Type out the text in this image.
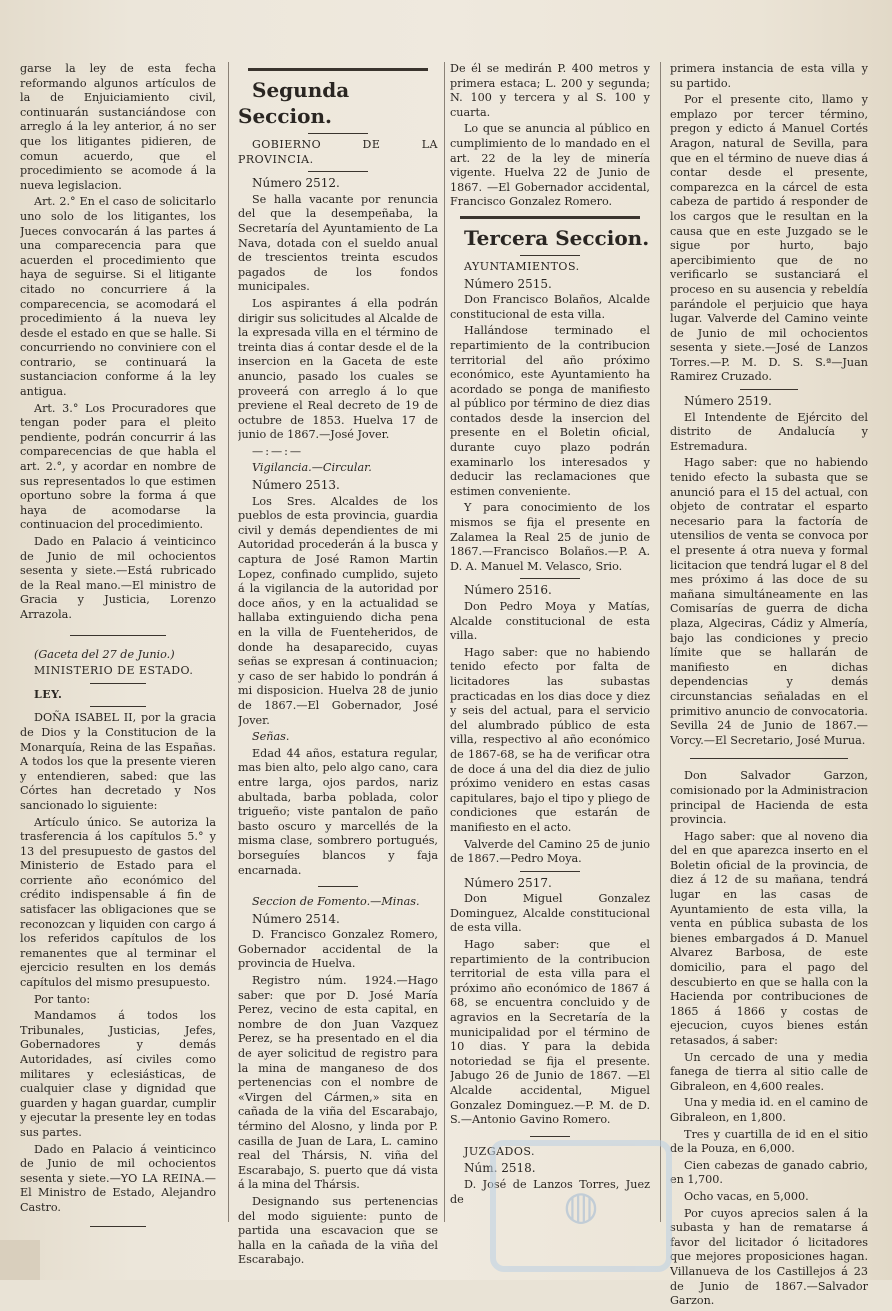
garse la ley de esta fecha reformando algunos artículos de la de Enjuiciamiento civil, continuarán sustanciándose con arreglo á la ley anterior, á no ser que los litigantes pidieren, de comun acuerdo, que el procedimiento se acomode á la nueva legislacion.

Art. 2.° En el caso de solicitarlo uno solo de los litigantes, los Jueces convocarán á las partes á una comparecencia para que acuerden el procedimiento que haya de seguirse. Si el litigante citado no concurriere á la comparecencia, se acomodará el procedimiento á la nueva ley desde el estado en que se halle. Si concurriendo no conviniere con el contrario, se continuará la sustanciacion conforme á la ley antigua.

Art. 3.° Los Procuradores que tengan poder para el pleito pendiente, podrán concurrir á las comparecencias de que habla el art. 2.°, y acordar en nombre de sus representados lo que estimen oportuno sobre la forma á que haya de acomodarse la continuacion del procedimiento.

Dado en Palacio á veinticinco de Junio de mil ochocientos sesenta y siete.—Está rubricado de la Real mano.—El ministro de Gracia y Justicia, Lorenzo Arrazola.

(Gaceta del 27 de Junio.)

MINISTERIO DE ESTADO.

LEY.

DOÑA ISABEL II, por la gracia de Dios y la Constitucion de la Monarquía, Reina de las Españas. A todos los que la presente vieren y entendieren, sabed: que las Córtes han decretado y Nos sancionado lo siguiente:

Artículo único. Se autoriza la trasferencia á los capítulos 5.° y 13 del presupuesto de gastos del Ministerio de Estado para el corriente año económico del crédito indispensable á fin de satisfacer las obligaciones que se reconozcan y liquiden con cargo á los referidos capítulos de los remanentes que al terminar el ejercicio resulten en los demás capítulos del mismo presupuesto.

Por tanto:

Mandamos á todos los Tribunales, Justicias, Jefes, Gobernadores y demás Autoridades, así civiles como militares y eclesiásticas, de cualquier clase y dignidad que guarden y hagan guardar, cumplir y ejecutar la presente ley en todas sus partes.

Dado en Palacio á veinticinco de Junio de mil ochocientos sesenta y siete.—YO LA REINA.—El Ministro de Estado, Alejandro Castro.

Segunda Seccion.

GOBIERNO DE LA PROVINCIA.

Número 2512.

Se halla vacante por renuncia del que la desempeñaba, la Secretaría del Ayuntamiento de La Nava, dotada con el sueldo anual de trescientos treinta escudos pagados de los fondos municipales.

Los aspirantes á ella podrán dirigir sus solicitudes al Alcalde de la expresada villa en el término de treinta dias á contar desde el de la insercion en la Gaceta de este anuncio, pasado los cuales se proveerá con arreglo á lo que previene el Real decreto de 19 de octubre de 1853. Huelva 17 de junio de 1867.—José Jover.

—:—:—

Vigilancia.—Circular.

Número 2513.

Los Sres. Alcaldes de los pueblos de esta provincia, guardia civil y demás dependientes de mi Autoridad procederán á la busca y captura de José Ramon Martin Lopez, confinado cumplido, sujeto á la vigilancia de la autoridad por doce años, y en la actualidad se hallaba extinguiendo dicha pena en la villa de Fuenteheridos, de donde ha desaparecido, cuyas señas se expresan á continuacion; y caso de ser habido lo pondrán á mi disposicion. Huelva 28 de junio de 1867.—El Gobernador, José Jover.

Señas.

Edad 44 años, estatura regular, mas bien alto, pelo algo cano, cara entre larga, ojos pardos, nariz abultada, barba poblada, color trigueño; viste pantalon de paño basto oscuro y marcellés de la misma clase, sombrero portugués, borseguíes blancos y faja encarnada.

Seccion de Fomento.—Minas.

Número 2514.

D. Francisco Gonzalez Romero, Gobernador accidental de la provincia de Huelva.

Registro núm. 1924.—Hago saber: que por D. José María Perez, vecino de esta capital, en nombre de don Juan Vazquez Perez, se ha presentado en el dia de ayer solicitud de registro para la mina de manganeso de dos pertenencias con el nombre de «Virgen del Cármen,» sita en cañada de la viña del Escarabajo, término del Alosno, y linda por P. casilla de Juan de Lara, L. camino real del Thársis, N. viña del Escarabajo, S. puerto que dá vista á la mina del Thársis.

Designando sus pertenencias del modo siguiente: punto de partida una escavacion que se halla en la cañada de la viña del Escarabajo.

De él se medirán P. 400 metros y primera estaca; L. 200 y segunda; N. 100 y tercera y al S. 100 y cuarta.

Lo que se anuncia al público en cumplimiento de lo mandado en el art. 22 de la ley de minería vigente. Huelva 22 de Junio de 1867. —El Gobernador accidental, Francisco Gonzalez Romero.

Tercera Seccion.

AYUNTAMIENTOS.

Número 2515.

Don Francisco Bolaños, Alcalde constitucional de esta villa.

Hallándose terminado el repartimiento de la contribucion territorial del año próximo económico, este Ayuntamiento ha acordado se ponga de manifiesto al público por término de diez dias contados desde la insercion del presente en el Boletin oficial, durante cuyo plazo podrán examinarlo los interesados y deducir las reclamaciones que estimen conveniente.

Y para conocimiento de los mismos se fija el presente en Zalamea la Real 25 de junio de 1867.—Francisco Bolaños.—P. A. D. A. Manuel M. Velasco, Srio.

Número 2516.

Don Pedro Moya y Matías, Alcalde constitucional de esta villa.

Hago saber: que no habiendo tenido efecto por falta de licitadores las subastas practicadas en los dias doce y diez y seis del actual, para el servicio del alumbrado público de esta villa, respectivo al año económico de 1867-68, se ha de verificar otra de doce á una del dia diez de julio próximo venidero en estas casas capitulares, bajo el tipo y pliego de condiciones que estarán de manifiesto en el acto.

Valverde del Camino 25 de junio de 1867.—Pedro Moya.

Número 2517.

Don Miguel Gonzalez Dominguez, Alcalde constitucional de esta villa.

Hago saber: que el repartimiento de la contribucion territorial de esta villa para el próximo año económico de 1867 á 68, se encuentra concluido y de agravios en la Secretaría de la municipalidad por el término de 10 dias. Y para la debida notoriedad se fija el presente. Jabugo 26 de Junio de 1867. —El Alcalde accidental, Miguel Gonzalez Dominguez.—P. M. de D. S.—Antonio Gavino Romero.

JUZGADOS.

Núm. 2518.

D. José de Lanzos Torres, Juez de

primera instancia de esta villa y su partido.

Por el presente cito, llamo y emplazo por tercer término, pregon y edicto á Manuel Cortés Aragon, natural de Sevilla, para que en el término de nueve dias á contar desde el presente, comparezca en la cárcel de esta cabeza de partido á responder de los cargos que le resultan en la causa que en este Juzgado se le sigue por hurto, bajo apercibimiento que de no verificarlo se sustanciará el proceso en su ausencia y rebeldía parándole el perjuicio que haya lugar. Valverde del Camino veinte de Junio de mil ochocientos sesenta y siete.—José de Lanzos Torres.—P. M. D. S. S.ª—Juan Ramirez Cruzado.

Número 2519.

El Intendente de Ejército del distrito de Andalucía y Estremadura.

Hago saber: que no habiendo tenido efecto la subasta que se anunció para el 15 del actual, con objeto de contratar el esparto necesario para la factoría de utensilios de venta se convoca por el presente á otra nueva y formal licitacion que tendrá lugar el 8 del mes próximo á las doce de su mañana simultáneamente en las Comisarías de guerra de dicha plaza, Algeciras, Cádiz y Almería, bajo las condiciones y precio límite que se hallarán de manifiesto en dichas dependencias y demás circunstancias señaladas en el primitivo anuncio de convocatoria. Sevilla 24 de Junio de 1867.—Vorcy.—El Secretario, José Murua.

Don Salvador Garzon, comisionado por la Administracion principal de Hacienda de esta provincia.

Hago saber: que al noveno dia del en que aparezca inserto en el Boletin oficial de la provincia, de diez á 12 de su mañana, tendrá lugar en las casas de Ayuntamiento de esta villa, la venta en pública subasta de los bienes embargados á D. Manuel Alvarez Barbosa, de este domicilio, para el pago del descubierto en que se halla con la Hacienda por contribuciones de 1865 á 1866 y costas de ejecucion, cuyos bienes están retasados, á saber:

Un cercado de una y media fanega de tierra al sitio calle de Gibraleon, en 4,600 reales.

Una y media id. en el camino de Gibraleon, en 1,800.

Tres y cuartilla de id en el sitio de la Pouza, en 6,000.

Cien cabezas de ganado cabrio, en 1,700.

Ocho vacas, en 5,000.

Por cuyos aprecios salen á la subasta y han de rematarse á favor del licitador ó licitadores que mejores proposiciones hagan. Villanueva de los Castillejos á 23 de Junio de 1867.—Salvador Garzon.

◍
